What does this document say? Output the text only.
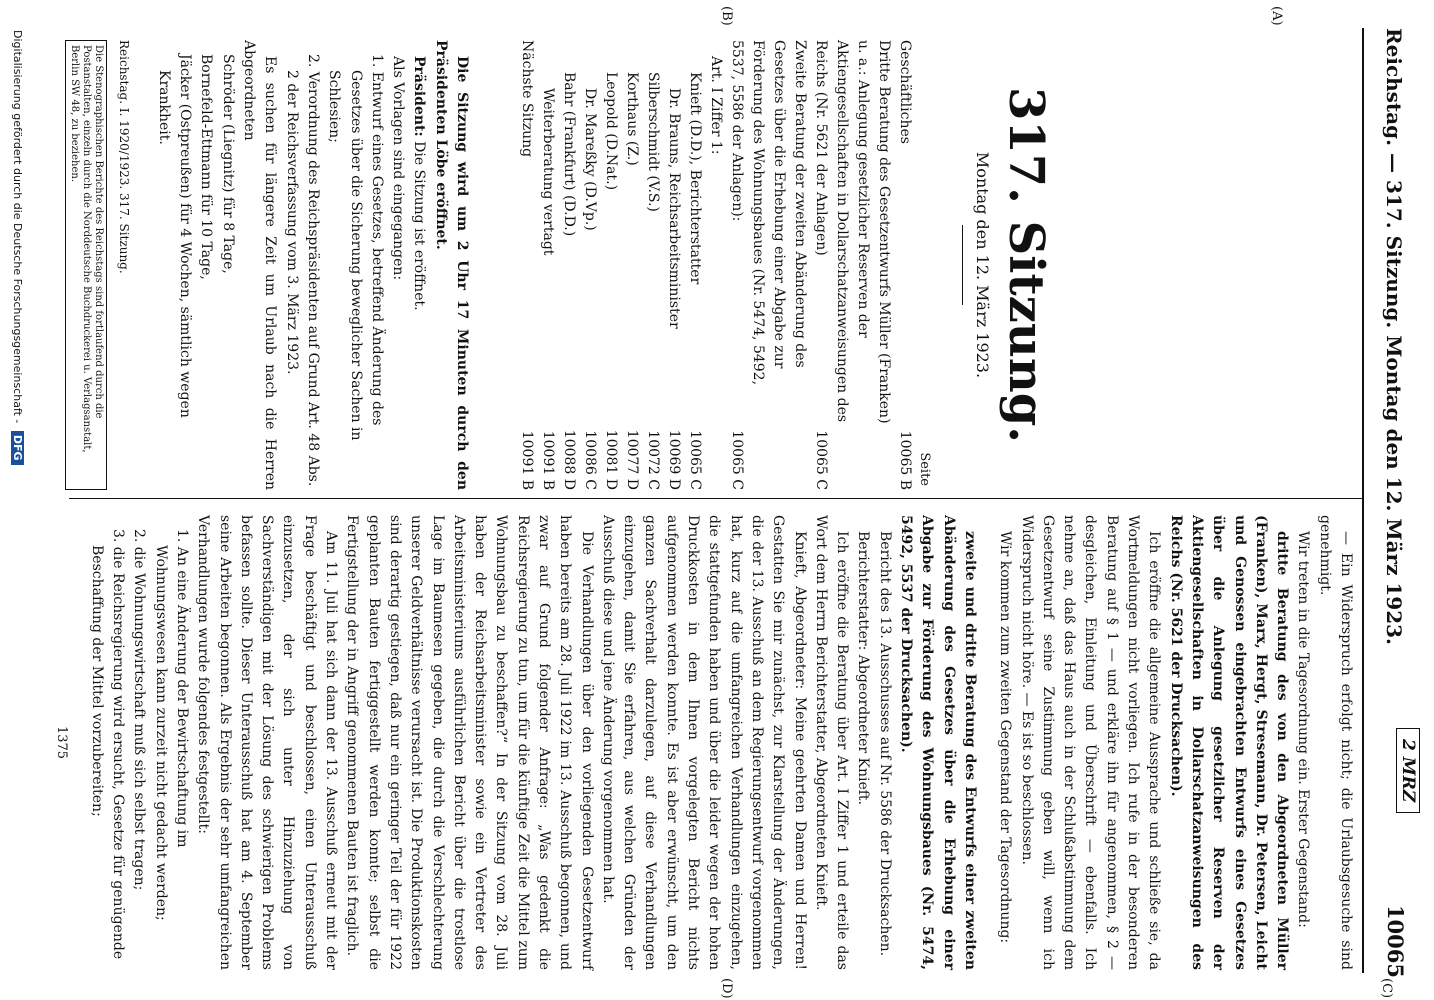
Reichstag. — 317. Sitzung. Montag den 12. März 1923.
2 MRZ
10065
(A)
(B)
(C)
(D)
317. Sitzung.
Montag den 12. März 1923.
Seite
Geschäftliches
10065 B
Dritte Beratung des Gesetzentwurfs Müller (Franken) u. a.: Anlegung gesetzlicher Reserven der Aktiengesellschaften in Dollarschatzanweisungen des Reichs (Nr. 5621 der Anlagen)
10065 C
Zweite Beratung der zweiten Abänderung des Gesetzes über die Erhebung einer Abgabe zur Förderung des Wohnungsbaues (Nr. 5474, 5492, 5537, 5586 der Anlagen):
10065 C
Art. I Ziffer 1:
Knieft (D.D.), Berichterstatter
10065 C
Dr. Brauns, Reichsarbeitsminister
10069 D
Silberschmidt (V.S.)
10072 C
Korthaus (Z.)
10077 D
Leopold (D.Nat.)
10081 D
Dr. Mareßky (D.Vp.)
10086 C
Bahr (Frankfurt) (D.D.)
10088 D
Weiterberatung vertagt
10091 B
Nächste Sitzung
10091 B

Die Sitzung wird um 2 Uhr 17 Minuten durch den Präsidenten Löbe eröffnet.

Präsident: Die Sitzung ist eröffnet.

Als Vorlagen sind eingegangen:

1. Entwurf eines Gesetzes, betreffend Änderung des Gesetzes über die Sicherung beweglicher Sachen in Schlesien;
2. Verordnung des Reichspräsidenten auf Grund Art. 48 Abs. 2 der Reichsverfassung vom 3. März 1923.

Es suchen für längere Zeit um Urlaub nach die Herren Abgeordneten

Schröder (Liegnitz) für 8 Tage,
Bornefeld-Ettmann für 10 Tage,
Jäcker (Ostpreußen) für 4 Wochen, sämtlich wegen Krankheit.
Reichstag. I. 1920/1923. 317. Sitzung.
Die Stenographischen Berichte des Reichstags sind fortlaufend durch die Postanstalten, einzeln durch die Norddeutsche Buchdruckerei u. Verlagsanstalt, Berlin SW 48, zu beziehen.

— Ein Widerspruch erfolgt nicht; die Urlaubsgesuche sind genehmigt.

Wir treten in die Tagesordnung ein. Erster Gegenstand:

dritte Beratung des von den Abgeordneten Müller (Franken), Marx, Hergt, Stresemann, Dr. Petersen, Leicht und Genossen eingebrachten Entwurfs eines Gesetzes über die Anlegung gesetzlicher Reserven der Aktiengesellschaften in Dollarschatzanweisungen des Reichs (Nr. 5621 der Drucksachen).

Ich eröffne die allgemeine Aussprache und schließe sie, da Wortmeldungen nicht vorliegen. Ich rufe in der besonderen Beratung auf § 1 — und erkläre ihn für angenommen, § 2 — desgleichen, Einleitung und Überschrift — ebenfalls. Ich nehme an, daß das Haus auch in der Schlußabstimmung dem Gesetzentwurf seine Zustimmung geben will, wenn ich Widerspruch nicht höre. — Es ist so beschlossen.

Wir kommen zum zweiten Gegenstand der Tagesordnung:

zweite und dritte Beratung des Entwurfs einer zweiten Abänderung des Gesetzes über die Erhebung einer Abgabe zur Förderung des Wohnungsbaues (Nr. 5474, 5492, 5537 der Drucksachen).

Bericht des 13. Ausschusses auf Nr. 5586 der Drucksachen.

Berichterstatter: Abgeordneter Knieft.

Ich eröffne die Beratung über Art. I Ziffer 1 und erteile das Wort dem Herrn Berichterstatter, Abgeordneten Knieft.

Knieft, Abgeordneter: Meine geehrten Damen und Herren! Gestatten Sie mir zunächst, zur Klarstellung der Änderungen, die der 13. Ausschuß an dem Regierungsentwurf vorgenommen hat, kurz auf die umfangreichen Verhandlungen einzugehen, die stattgefunden haben und über die leider wegen der hohen Druckkosten in dem Ihnen vorgelegten Bericht nichts aufgenommen werden konnte. Es ist aber erwünscht, um den ganzen Sachverhalt darzulegen, auf diese Verhandlungen einzugehen, damit Sie erfahren, aus welchen Gründen der Ausschuß diese und jene Änderung vorgenommen hat.

Die Verhandlungen über den vorliegenden Gesetzentwurf haben bereits am 28. Juli 1922 im 13. Ausschuß begonnen, und zwar auf Grund folgender Anfrage: „Was gedenkt die Reichsregierung zu tun, um für die künftige Zeit die Mittel zum Wohnungsbau zu beschaffen?“ In der Sitzung vom 28. Juli haben der Reichsarbeitsminister sowie ein Vertreter des Arbeitsministeriums ausführlichen Bericht über die trostlose Lage im Baumesen gegeben, die durch die Verschlechterung unserer Geldverhältnisse verursacht ist. Die Produktionskosten sind derartig gestiegen, daß nur ein geringer Teil der für 1922 geplanten Bauten fertiggestellt werden konnte; selbst die Fertigstellung der in Angriff genommenen Bauten ist fraglich.

Am 11. Juli hat sich dann der 13. Ausschuß erneut mit der Frage beschäftigt und beschlossen, einen Unterausschuß einzusetzen, der sich unter Hinzuziehung von Sachverständigen mit der Lösung des schwierigen Problems befassen sollte. Dieser Unterausschuß hat am 4. September seine Arbeiten begonnen. Als Ergebnis der sehr umfangreichen Verhandlungen wurde folgendes festgestellt:

1. An eine Änderung der Bewirtschaftung im Wohnungswesen kann zurzeit nicht gedacht werden;
2. die Wohnungswirtschaft muß sich selbst tragen;
3. die Reichsregierung wird ersucht, Gesetze für genügende Beschaffung der Mittel vorzubereiten;
1375
Digitalisierung gefördert durch die Deutsche Forschungsgemeinschaft - DFG
